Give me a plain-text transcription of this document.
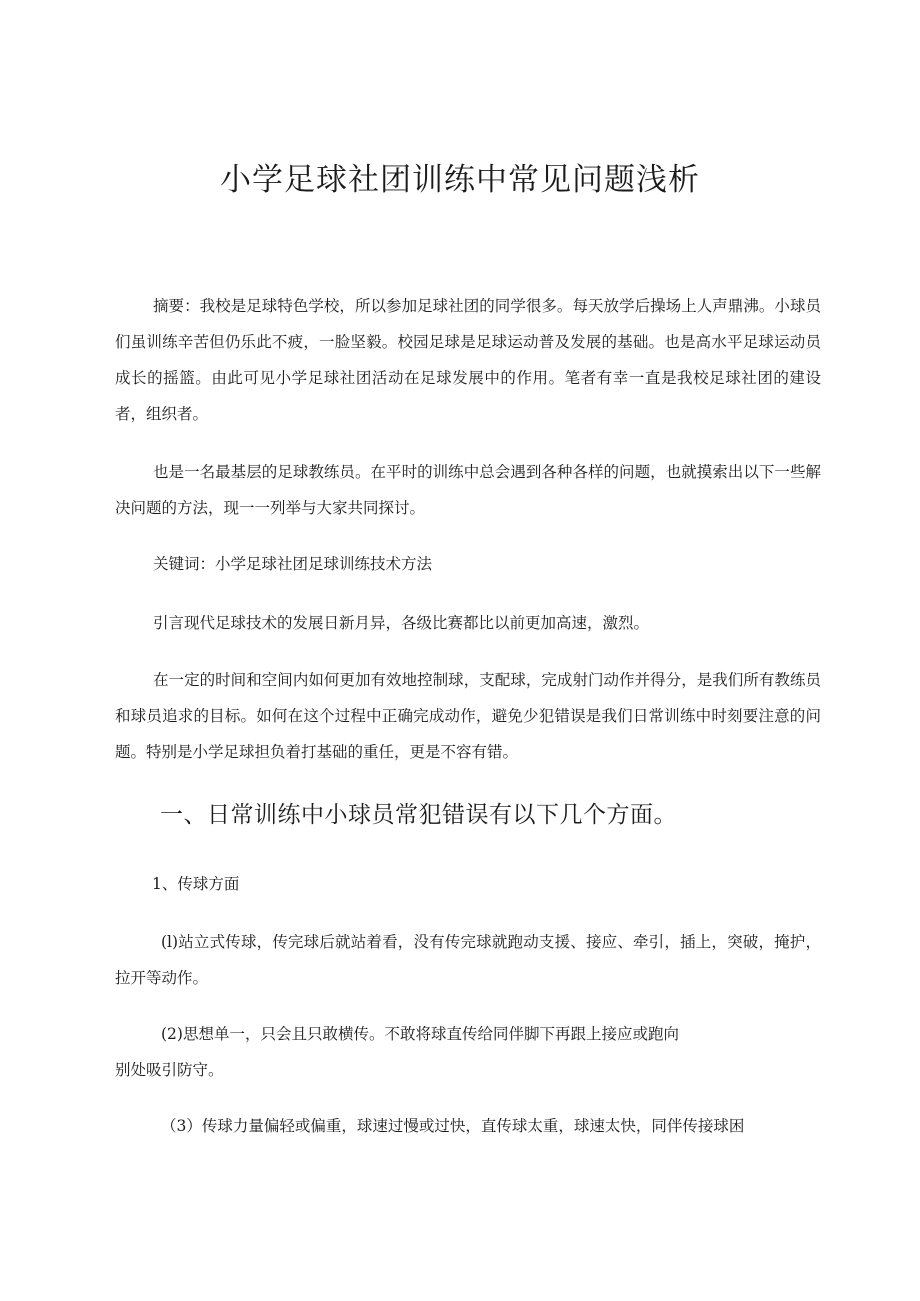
小学足球社团训练中常见问题浅析

摘要：我校是足球特色学校，所以参加足球社团的同学很多。每天放学后操场上人声鼎沸。小球员们虽训练辛苦但仍乐此不疲，一脸坚毅。校园足球是足球运动普及发展的基础。也是高水平足球运动员成长的摇篮。由此可见小学足球社团活动在足球发展中的作用。笔者有幸一直是我校足球社团的建设者，组织者。

也是一名最基层的足球教练员。在平时的训练中总会遇到各种各样的问题，也就摸索出以下一些解决问题的方法，现一一列举与大家共同探讨。

关键词：小学足球社团足球训练技术方法

引言现代足球技术的发展日新月异，各级比赛都比以前更加高速，激烈。

在一定的时间和空间内如何更加有效地控制球，支配球，完成射门动作并得分，是我们所有教练员和球员追求的目标。如何在这个过程中正确完成动作，避免少犯错误是我们日常训练中时刻要注意的问题。特别是小学足球担负着打基础的重任，更是不容有错。

一、日常训练中小球员常犯错误有以下几个方面。

1、传球方面

(l)站立式传球，传完球后就站着看，没有传完球就跑动支援、接应、牵引，插上，突破，掩护，拉开等动作。

(2)思想单一，只会且只敢横传。不敢将球直传给同伴脚下再跟上接应或跑向

别处吸引防守。

（3）传球力量偏轻或偏重，球速过慢或过快，直传球太重，球速太快，同伴传接球困
